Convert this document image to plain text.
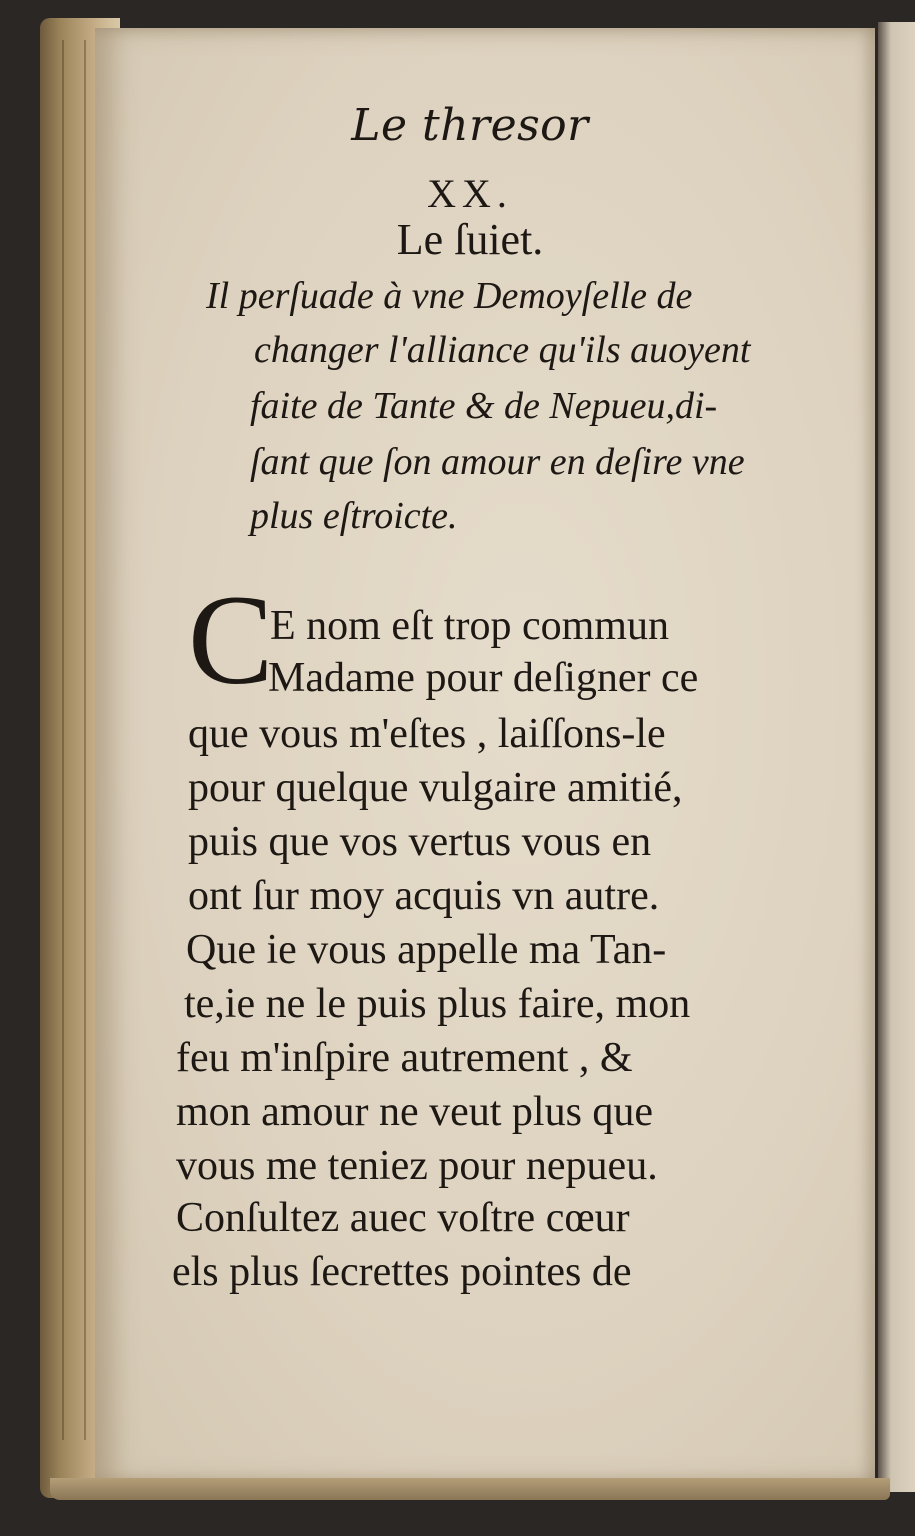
Le thresor
XX.
Le ſuiet.
Il perſuade à vne Demoyſelle de
changer l'alliance qu'ils auoyent
faite de Tante & de Nepueu,di-
ſant que ſon amour en deſire vne
plus eſtroicte.
C
E nom eſt trop commun
Madame pour deſigner ce
que vous m'eſtes , laiſſons-le
pour quelque vulgaire amitié,
puis que vos vertus vous en
ont ſur moy acquis vn autre.
Que ie vous appelle ma Tan-
te,ie ne le puis plus faire, mon
feu m'inſpire autrement , &
mon amour ne veut plus que
vous me teniez pour nepueu.
Conſultez auec voſtre cœur
els plus ſecrettes pointes de
